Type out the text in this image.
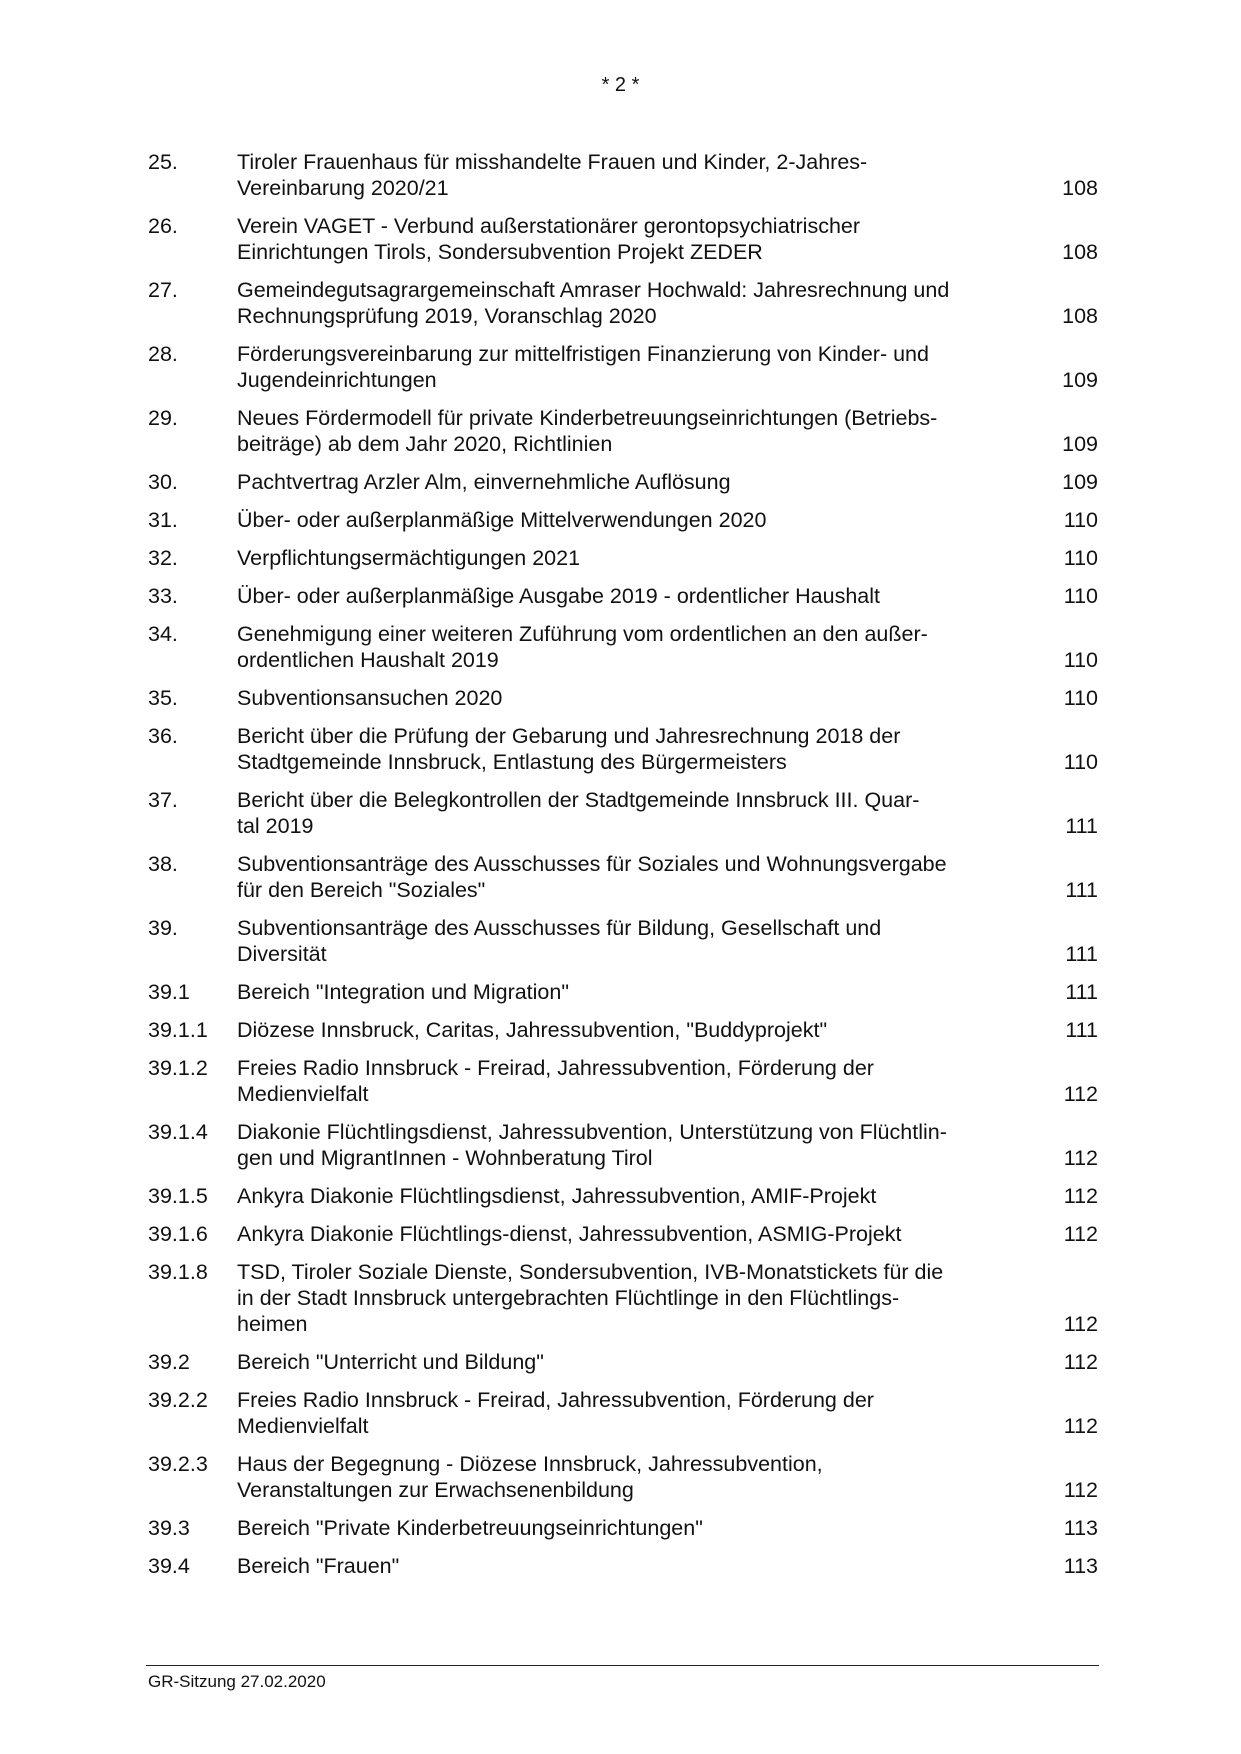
* 2 *
25.	Tiroler Frauenhaus für misshandelte Frauen und Kinder, 2-Jahres-
Vereinbarung 2020/21	108
26.	Verein VAGET - Verbund außerstationärer gerontopsychiatrischer
Einrichtungen Tirols, Sondersubvention Projekt ZEDER	108
27.	Gemeindegutsagrargemeinschaft Amraser Hochwald: Jahresrechnung und
Rechnungsprüfung 2019, Voranschlag 2020	108
28.	Förderungsvereinbarung zur mittelfristigen Finanzierung von Kinder- und
Jugendeinrichtungen	109
29.	Neues Fördermodell für private Kinderbetreuungseinrichtungen (Betriebs-
beiträge) ab dem Jahr 2020, Richtlinien	109
30.	Pachtvertrag Arzler Alm, einvernehmliche Auflösung	109
31.	Über- oder außerplanmäßige Mittelverwendungen 2020	110
32.	Verpflichtungsermächtigungen 2021	110
33.	Über- oder außerplanmäßige Ausgabe 2019 - ordentlicher Haushalt	110
34.	Genehmigung einer weiteren Zuführung vom ordentlichen an den außer-
ordentlichen Haushalt 2019	110
35.	Subventionsansuchen 2020	110
36.	Bericht über die Prüfung der Gebarung und Jahresrechnung 2018 der
Stadtgemeinde Innsbruck, Entlastung des Bürgermeisters	110
37.	Bericht über die Belegkontrollen der Stadtgemeinde Innsbruck III. Quar-
tal 2019	111
38.	Subventionsanträge des Ausschusses für Soziales und Wohnungsvergabe
für den Bereich "Soziales"	111
39.	Subventionsanträge des Ausschusses für Bildung, Gesellschaft und
Diversität	111
39.1	Bereich "Integration und Migration"	111
39.1.1	Diözese Innsbruck, Caritas, Jahressubvention, "Buddyprojekt"	111
39.1.2	Freies Radio Innsbruck - Freirad, Jahressubvention, Förderung der
Medienvielfalt	112
39.1.4	Diakonie Flüchtlingsdienst, Jahressubvention, Unterstützung von Flüchtlin-
gen und MigrantInnen - Wohnberatung Tirol	112
39.1.5	Ankyra Diakonie Flüchtlingsdienst, Jahressubvention, AMIF-Projekt	112
39.1.6	Ankyra Diakonie Flüchtlings-dienst, Jahressubvention, ASMIG-Projekt	112
39.1.8	TSD, Tiroler Soziale Dienste, Sondersubvention, IVB-Monatstickets für die
in der Stadt Innsbruck untergebrachten Flüchtlinge in den Flüchtlings-
heimen	112
39.2	Bereich "Unterricht und Bildung"	112
39.2.2	Freies Radio Innsbruck - Freirad, Jahressubvention, Förderung der
Medienvielfalt	112
39.2.3	Haus der Begegnung - Diözese Innsbruck, Jahressubvention,
Veranstaltungen zur Erwachsenenbildung	112
39.3	Bereich "Private Kinderbetreuungseinrichtungen"	113
39.4	Bereich "Frauen"	113
GR-Sitzung 27.02.2020
